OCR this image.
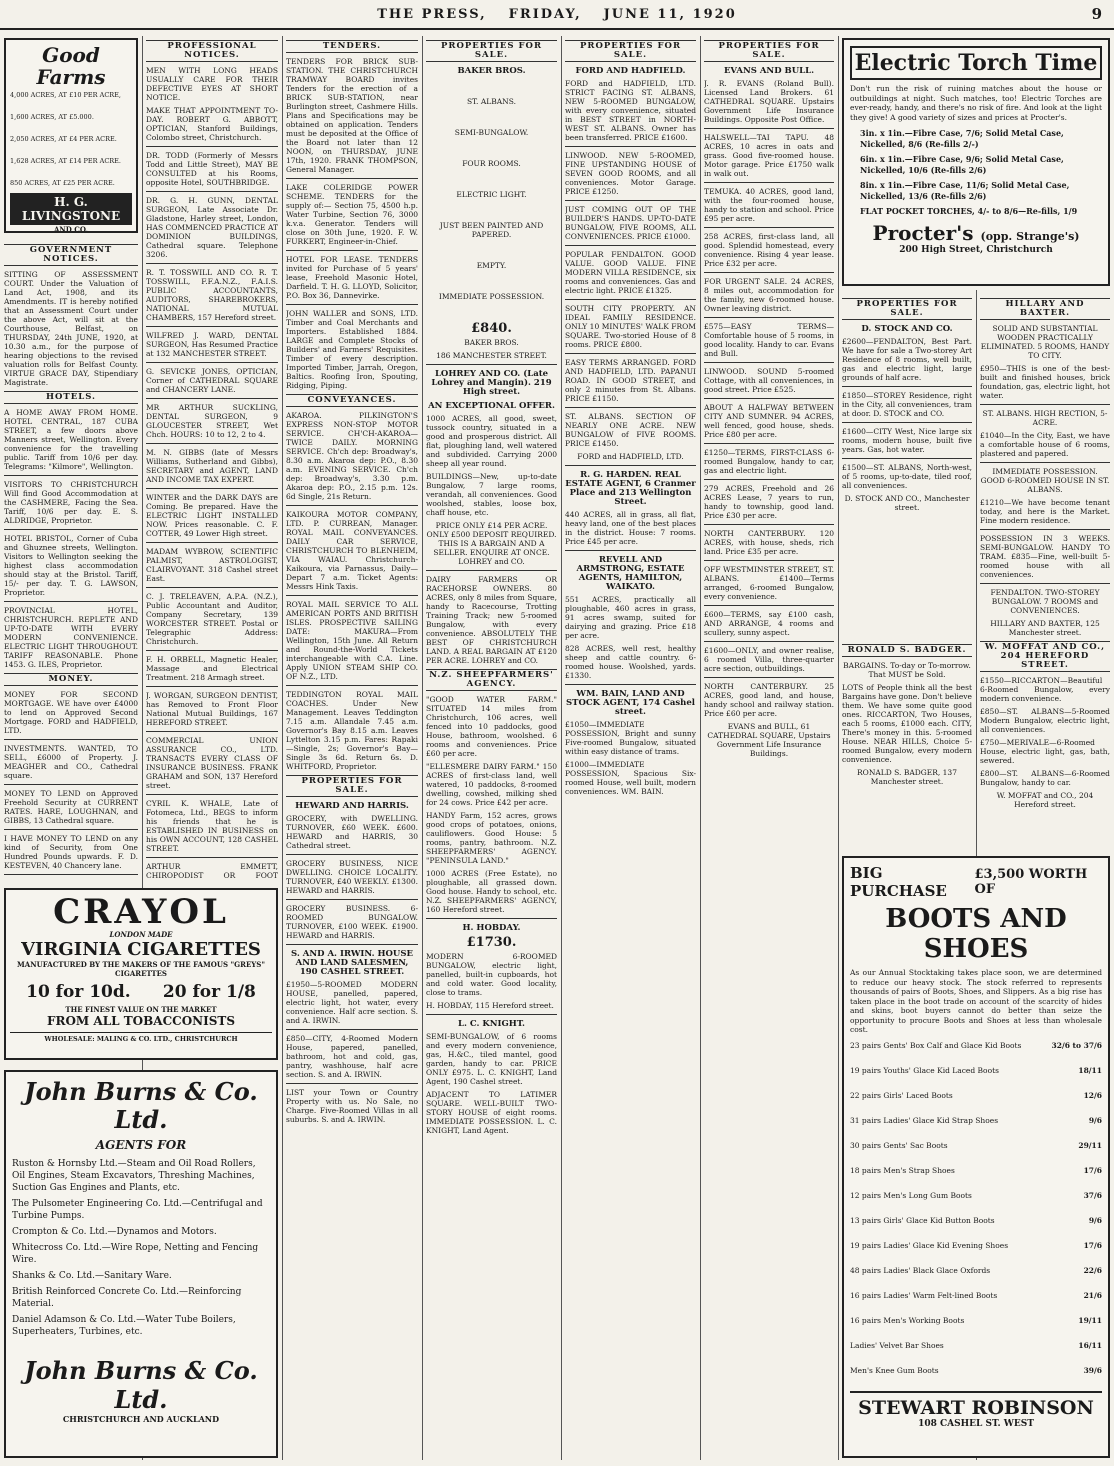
THE PRESS, FRIDAY, JUNE 11, 1920	9
Good Farms
4,000 ACRES, AT £10 PER ACRE,
1,600 ACRES, AT £5.000.
2,050 ACRES, AT £4 PER ACRE.
1,628 ACRES, AT £14 PER ACRE.
850 ACRES, AT £25 PER ACRE.
H. G. LIVINGSTONE
AND CO.
GOVERNMENT NOTICES.

SITTING OF ASSESSMENT COURT. Under the Valuation of Land Act, 1908, and its Amendments. IT is hereby notified that an Assessment Court under the above Act, will sit at the Courthouse, Belfast, on THURSDAY, 24th JUNE, 1920, at 10.30 a.m., for the purpose of hearing objections to the revised valuation rolls for Belfast County. VIRTUE GRACE DAY, Stipendiary Magistrate.

HOTELS.

A HOME AWAY FROM HOME. HOTEL CENTRAL, 187 CUBA STREET, a few doors above Manners street, Wellington. Every convenience for the travelling public. Tariff from 10/6 per day. Telegrams: "Kilmore", Wellington.

VISITORS TO CHRISTCHURCH Will find Good Accommodation at the CASHMERE, Facing the Sea. Tariff, 10/6 per day. E. S. ALDRIDGE, Proprietor.

HOTEL BRISTOL, Corner of Cuba and Ghuznee streets, Wellington. Visitors to Wellington seeking the highest class accommodation should stay at the Bristol. Tariff, 15/- per day. T. G. LAWSON, Proprietor.

PROVINCIAL HOTEL, CHRISTCHURCH. REPLETE AND UP-TO-DATE WITH EVERY MODERN CONVENIENCE. ELECTRIC LIGHT THROUGHOUT. TARIFF REASONABLE. Phone 1453. G. ILES, Proprietor.

MONEY.

MONEY FOR SECOND MORTGAGE. WE have over £4000 to lend on Approved Second Mortgage. FORD and HADFIELD, LTD.

INVESTMENTS. WANTED, TO SELL, £6000 of Property. J. MEAGHER and CO., Cathedral square.

MONEY TO LEND on Approved Freehold Security at CURRENT RATES. HARE, LOUGHNAN, and GIBBS, 13 Cathedral square.

I HAVE MONEY TO LEND on any kind of Security, from One Hundred Pounds upwards. F. D. KESTEVEN, 40 Chancery lane.

CRAYOL
LONDON MADE
VIRGINIA CIGARETTES
MANUFACTURED BY THE MAKERS OF THE FAMOUS "GREYS" CIGARETTES
10 for 10d. 20 for 1/8
THE FINEST VALUE ON THE MARKET
FROM ALL TOBACCONISTS
WHOLESALE: MALING & CO. LTD., CHRISTCHURCH
John Burns & Co. Ltd.
AGENTS FOR

Ruston & Hornsby Ltd.—Steam and Oil Road Rollers, Oil Engines, Steam Excavators, Threshing Machines, Suction Gas Engines and Plants, etc.

The Pulsometer Engineering Co. Ltd.—Centrifugal and Turbine Pumps.

Crompton & Co. Ltd.—Dynamos and Motors.

Whitecross Co. Ltd.—Wire Rope, Netting and Fencing Wire.

Shanks & Co. Ltd.—Sanitary Ware.

British Reinforced Concrete Co. Ltd.—Reinforcing Material.

Daniel Adamson & Co. Ltd.—Water Tube Boilers, Superheaters, Turbines, etc.

John Burns & Co. Ltd.
CHRISTCHURCH AND AUCKLAND
PROFESSIONAL NOTICES.

MEN WITH LONG HEADS USUALLY CARE FOR THEIR DEFECTIVE EYES AT SHORT NOTICE.

MAKE THAT APPOINTMENT TO-DAY. ROBERT G. ABBOTT, OPTICIAN, Stanford Buildings, Colombo street, Christchurch.

DR. TODD (Formerly of Messrs Todd and Little Street), MAY BE CONSULTED at his Rooms, opposite Hotel, SOUTHBRIDGE.

DR. G. H. GUNN, DENTAL SURGEON, Late Associate Dr. Gladstone, Harley street, London, HAS COMMENCED PRACTICE AT DOMINION BUILDINGS, Cathedral square. Telephone 3206.

R. T. TOSSWILL AND CO. R. T. TOSSWILL, F.F.A.N.Z., F.A.I.S. PUBLIC ACCOUNTANTS, AUDITORS, SHAREBROKERS, NATIONAL MUTUAL CHAMBERS, 157 Hereford street.

WILFRED J. WARD, DENTAL SURGEON, Has Resumed Practice at 132 MANCHESTER STREET.

G. SEVICKE JONES, OPTICIAN, Corner of CATHEDRAL SQUARE and CHANCERY LANE.

MR ARTHUR SUCKLING, DENTAL SURGEON, 9 GLOUCESTER STREET, Wet Chch. HOURS: 10 to 12, 2 to 4.

M. N. GIBBS (late of Messrs Williams, Sutherland and Gibbs), SECRETARY and AGENT, LAND AND INCOME TAX EXPERT.

WINTER and the DARK DAYS are Coming. Be prepared. Have the ELECTRIC LIGHT INSTALLED NOW. Prices reasonable. C. F. COTTER, 49 Lower High street.

MADAM WYBROW, SCIENTIFIC PALMIST, ASTROLOGIST, CLAIRVOYANT. 318 Cashel street East.

C. J. TRELEAVEN, A.P.A. (N.Z.), Public Accountant and Auditor, Company Secretary, 139 WORCESTER STREET. Postal or Telegraphic Address: Christchurch.

F. H. ORBELL, Magnetic Healer, Massage and Electrical Treatment. 218 Armagh street.

J. WORGAN, SURGEON DENTIST, has Removed to Front Floor National Mutual Buildings, 167 HEREFORD STREET.

COMMERCIAL UNION ASSURANCE CO., LTD. TRANSACTS EVERY CLASS OF INSURANCE BUSINESS. FRANK GRAHAM and SON, 137 Hereford street.

CYRIL K. WHALE, Late of Fotomeca, Ltd., BEGS to inform his friends that he is ESTABLISHED IN BUSINESS on his OWN ACCOUNT, 128 CASHEL STREET.

ARTHUR EMMETT, CHIROPODIST OR FOOT

TENDERS.

TENDERS FOR BRICK SUB-STATION. THE CHRISTCHURCH TRAMWAY BOARD invites Tenders for the erection of a BRICK SUB-STATION, near Burlington street, Cashmere Hills. Plans and Specifications may be obtained on application. Tenders must be deposited at the Office of the Board not later than 12 NOON, on THURSDAY, JUNE 17th, 1920. FRANK THOMPSON, General Manager.

LAKE COLERIDGE POWER SCHEME. TENDERS for the supply of:— Section 75, 4500 h.p. Water Turbine, Section 76, 3000 k.v.a. Generator. Tenders will close on 30th June, 1920. F. W. FURKERT, Engineer-in-Chief.

HOTEL FOR LEASE. TENDERS invited for Purchase of 5 years' lease, Freehold Masonic Hotel, Darfield. T. H. G. LLOYD, Solicitor, P.O. Box 36, Dannevirke.

JOHN WALLER and SONS, LTD. Timber and Coal Merchants and Importers. Established 1884. LARGE and Complete Stocks of Builders' and Farmers' Requisites. Timber of every description. Imported Timber, Jarrah, Oregon, Baltics. Roofing Iron, Spouting, Ridging, Piping.

CONVEYANCES.

AKAROA. PILKINGTON'S EXPRESS NON-STOP MOTOR SERVICE. CH'CH-AKAROA—TWICE DAILY. MORNING SERVICE. Ch'ch dep: Broadway's, 8.30 a.m. Akaroa dep: P.O., 8.30 a.m. EVENING SERVICE. Ch'ch dep: Broadway's, 3.30 p.m. Akaroa dep: P.O., 2.15 p.m. 12s. 6d Single, 21s Return.

KAIKOURA MOTOR COMPANY, LTD. P. CURREAN, Manager. ROYAL MAIL CONVEYANCES. DAILY CAR SERVICE, CHRISTCHURCH TO BLENHEIM, VIA WAIAU. Christchurch-Kaikoura, via Parnassus, Daily—Depart 7 a.m. Ticket Agents: Messrs Hink Taxis.

ROYAL MAIL SERVICE TO ALL AMERICAN PORTS AND BRITISH ISLES. PROSPECTIVE SAILING DATE: MAKURA—From Wellington, 15th June. All Return and Round-the-World Tickets interchangeable with C.A. Line. Apply UNION STEAM SHIP CO. OF N.Z., LTD.

TEDDINGTON ROYAL MAIL COACHES. Under New Management. Leaves Teddington 7.15 a.m. Allandale 7.45 a.m. Governor's Bay 8.15 a.m. Leaves Lyttelton 3.15 p.m. Fares: Rapaki—Single, 2s; Governor's Bay—Single 3s 6d. Return 6s. D. WHITFORD, Proprietor.

PROPERTIES FOR SALE.
HEWARD AND HARRIS.

GROCERY, with DWELLING. TURNOVER, £60 WEEK. £600. HEWARD and HARRIS, 30 Cathedral street.

GROCERY BUSINESS, NICE DWELLING. CHOICE LOCALITY. TURNOVER, £40 WEEKLY. £1300. HEWARD and HARRIS.

GROCERY BUSINESS. 6-ROOMED BUNGALOW. TURNOVER, £100 WEEK. £1900. HEWARD and HARRIS.

S. AND A. IRWIN. HOUSE AND LAND SALESMEN, 190 CASHEL STREET.

£1950—5-ROOMED MODERN HOUSE, panelled, papered, electric light, hot water, every convenience. Half acre section. S. and A. IRWIN.

£850—CITY, 4-Roomed Modern House, papered, panelled, bathroom, hot and cold, gas, pantry, washhouse, half acre section. S. and A. IRWIN.

LIST your Town or Country Property with us. No Sale, no Charge. Five-Roomed Villas in all suburbs. S. and A. IRWIN.

PROPERTIES FOR SALE.
BAKER BROS.
ST. ALBANS.
SEMI-BUNGALOW.
FOUR ROOMS.
ELECTRIC LIGHT.
JUST BEEN PAINTED AND PAPERED.
EMPTY.
IMMEDIATE POSSESSION.
£840.
BAKER BROS.
186 MANCHESTER STREET.
LOHREY AND CO. (Late Lohrey and Mangin). 219 High street.
AN EXCEPTIONAL OFFER.

1000 ACRES, all good, sweet, tussock country, situated in a good and prosperous district. All flat, ploughing land, well watered and subdivided. Carrying 2000 sheep all year round.

BUILDINGS—New, up-to-date Bungalow, 7 large rooms, verandah, all conveniences. Good woolshed, stables, loose box, chaff house, etc.

PRICE ONLY £14 PER ACRE. ONLY £500 DEPOSIT REQUIRED. THIS IS A BARGAIN AND A SELLER. ENQUIRE AT ONCE. LOHREY and CO.

DAIRY FARMERS OR RACEHORSE OWNERS. 80 ACRES, only 8 miles from Square, handy to Racecourse, Trotting Training Track; new 5-roomed Bungalow, with every convenience. ABSOLUTELY THE BEST OF CHRISTCHURCH LAND. A REAL BARGAIN AT £120 PER ACRE. LOHREY and CO.

N.Z. SHEEPFARMERS' AGENCY.

"GOOD WATER FARM." SITUATED 14 miles from Christchurch, 106 acres, well fenced into 10 paddocks, good House, bathroom, woolshed. 6 rooms and conveniences. Price £60 per acre.

"ELLESMERE DAIRY FARM." 150 ACRES of first-class land, well watered, 10 paddocks, 8-roomed dwelling, cowshed, milking shed for 24 cows. Price £42 per acre.

HANDY Farm, 152 acres, grows good crops of potatoes, onions, cauliflowers. Good House: 5 rooms, pantry, bathroom. N.Z. SHEEPFARMERS' AGENCY. "PENINSULA LAND."

1000 ACRES (Free Estate), no ploughable, all grassed down. Good house. Handy to school, etc. N.Z. SHEEPFARMERS' AGENCY, 160 Hereford street.

H. HOBDAY.
£1730.

MODERN 6-ROOMED BUNGALOW, electric light, panelled, built-in cupboards, hot and cold water. Good locality, close to trams.

H. HOBDAY, 115 Hereford street.

L. C. KNIGHT.

SEMI-BUNGALOW, of 6 rooms and every modern convenience, gas, H.&C., tiled mantel, good garden, handy to car. PRICE ONLY £975. L. C. KNIGHT, Land Agent, 190 Cashel street.

ADJACENT TO LATIMER SQUARE. WELL-BUILT TWO-STORY HOUSE of eight rooms. IMMEDIATE POSSESSION. L. C. KNIGHT, Land Agent.

PROPERTIES FOR SALE.
FORD AND HADFIELD.

FORD and HADFIELD, LTD. STRICT FACING ST. ALBANS, NEW 5-ROOMED BUNGALOW, with every convenience, situated in BEST STREET in NORTH-WEST ST. ALBANS. Owner has been transferred. PRICE £1600.

LINWOOD. NEW 5-ROOMED, FINE UPSTANDING HOUSE of SEVEN GOOD ROOMS, and all conveniences. Motor Garage. PRICE £1250.

JUST COMING OUT OF THE BUILDER'S HANDS. UP-TO-DATE BUNGALOW, FIVE ROOMS, ALL CONVENIENCES. PRICE £1000.

POPULAR FENDALTON. GOOD VALUE. GOOD VALUE. FINE MODERN VILLA RESIDENCE, six rooms and conveniences. Gas and electric light. PRICE £1325.

SOUTH CITY PROPERTY. AN IDEAL FAMILY RESIDENCE. ONLY 10 MINUTES' WALK FROM SQUARE. Two-storied House of 8 rooms. PRICE £800.

EASY TERMS ARRANGED. FORD AND HADFIELD, LTD. PAPANUI ROAD. IN GOOD STREET, and only 2 minutes from St. Albans. PRICE £1150.

ST. ALBANS. SECTION OF NEARLY ONE ACRE. NEW BUNGALOW of FIVE ROOMS. PRICE £1450.

FORD and HADFIELD, LTD.

R. G. HARDEN. REAL ESTATE AGENT, 6 Cranmer Place and 213 Wellington Street.

440 ACRES, all in grass, all flat, heavy land, one of the best places in the district. House: 7 rooms. Price £45 per acre.

REVELL AND ARMSTRONG, ESTATE AGENTS, HAMILTON, WAIKATO.

551 ACRES, practically all ploughable, 460 acres in grass, 91 acres swamp, suited for dairying and grazing. Price £18 per acre.

828 ACRES, well rest, healthy sheep and cattle country. 6-roomed house. Woolshed, yards. £1330.

WM. BAIN, LAND AND STOCK AGENT, 174 Cashel street.

£1050—IMMEDIATE POSSESSION, Bright and sunny Five-roomed Bungalow, situated within easy distance of trams.

£1000—IMMEDIATE POSSESSION, Spacious Six-roomed House, well built, modern conveniences. WM. BAIN.

PROPERTIES FOR SALE.
EVANS AND BULL.

J. R. EVANS (Roland Bull). Licensed Land Brokers. 61 CATHEDRAL SQUARE. Upstairs Government Life Insurance Buildings. Opposite Post Office.

HALSWELL—TAI TAPU. 48 ACRES, 10 acres in oats and grass. Good five-roomed house. Motor garage. Price £1750 walk in walk out.

TEMUKA. 40 ACRES, good land, with the four-roomed house, handy to station and school. Price £95 per acre.

258 ACRES, first-class land, all good. Splendid homestead, every convenience. Rising 4 year lease. Price £32 per acre.

FOR URGENT SALE. 24 ACRES, 8 miles out, accommodation for the family, new 6-roomed house. Owner leaving district.

£575—EASY TERMS—Comfortable house of 5 rooms, in good locality. Handy to car. Evans and Bull.

LINWOOD. SOUND 5-roomed Cottage, with all conveniences, in good street. Price £525.

ABOUT A HALFWAY BETWEEN CITY AND SUMNER. 94 ACRES, well fenced, good house, sheds. Price £80 per acre.

£1250—TERMS, FIRST-CLASS 6-roomed Bungalow, handy to car, gas and electric light.

279 ACRES, Freehold and 26 ACRES Lease, 7 years to run, handy to township, good land. Price £30 per acre.

NORTH CANTERBURY. 120 ACRES, with house, sheds, rich land. Price £35 per acre.

OFF WESTMINSTER STREET, ST. ALBANS. £1400—Terms arranged, 6-roomed Bungalow, every convenience.

£600—TERMS, say £100 cash, AND ARRANGE, 4 rooms and scullery, sunny aspect.

£1600—ONLY, and owner realise, 6 roomed Villa, three-quarter acre section, outbuildings.

NORTH CANTERBURY. 25 ACRES, good land, and house, handy school and railway station. Price £60 per acre.

EVANS and BULL, 61 CATHEDRAL SQUARE, Upstairs Government Life Insurance Buildings.

Electric Torch Time

Don't run the risk of ruining matches about the house or outbuildings at night. Such matches, too! Electric Torches are ever-ready, handy, and there's no risk of fire. And look at the light they give! A good variety of sizes and prices at Procter's.

3in. x 1in.—Fibre Case, 7/6; Solid Metal Case, Nickelled, 8/6 (Re-fills 2/-)
6in. x 1in.—Fibre Case, 9/6; Solid Metal Case, Nickelled, 10/6 (Re-fills 2/6)
8in. x 1in.—Fibre Case, 11/6; Solid Metal Case, Nickelled, 13/6 (Re-fills 2/6)
FLAT POCKET TORCHES, 4/- to 8/6—Re-fills, 1/9
Procter's (opp. Strange's)
200 High Street, Christchurch
PROPERTIES FOR SALE.
D. STOCK AND CO.

£2600—FENDALTON, Best Part. We have for sale a Two-storey Art Residence of 8 rooms, well built, gas and electric light, large grounds of half acre.

£1850—STOREY Residence, right in the City, all conveniences, tram at door. D. STOCK and CO.

£1600—CITY West, Nice large six rooms, modern house, built five years. Gas, hot water.

£1500—ST. ALBANS, North-west, of 5 rooms, up-to-date, tiled roof, all conveniences.

D. STOCK AND CO., Manchester street.

RONALD S. BADGER.

BARGAINS. To-day or To-morrow. That MUST be Sold.

LOTS of People think all the best Bargains have gone. Don't believe them. We have some quite good ones. RICCARTON, Two Houses, each 5 rooms, £1000 each. CITY, There's money in this. 5-roomed House. NEAR HILLS, Choice 5-roomed Bungalow, every modern convenience.

RONALD S. BADGER, 137 Manchester street.

HILLARY AND BAXTER.

SOLID AND SUBSTANTIAL WOODEN PRACTICALLY ELIMINATED. 5 ROOMS, HANDY TO CITY.

£950—THIS is one of the best-built and finished houses, brick foundation, gas, electric light, hot water.

ST. ALBANS. HIGH RECTION, 5-ACRE.

£1040—In the City, East, we have a comfortable house of 6 rooms, plastered and papered.

IMMEDIATE POSSESSION. GOOD 6-ROOMED HOUSE IN ST. ALBANS.

£1210—We have become tenant today, and here is the Market. Fine modern residence.

POSSESSION IN 3 WEEKS. SEMI-BUNGALOW. HANDY TO TRAM. £835—Fine, well-built 5-roomed house with all conveniences.

FENDALTON. TWO-STOREY BUNGALOW. 7 ROOMS and CONVENIENCES.

HILLARY AND BAXTER, 125 Manchester street.

W. MOFFAT AND CO., 204 HEREFORD STREET.

£1550—RICCARTON—Beautiful 6-Roomed Bungalow, every modern convenience.

£850—ST. ALBANS—5-Roomed Modern Bungalow, electric light, all conveniences.

£750—MERIVALE—6-Roomed House, electric light, gas, bath, sewered.

£800—ST. ALBANS—6-Roomed Bungalow, handy to car.

W. MOFFAT and CO., 204 Hereford street.

BIG PURCHASE
£3,500 WORTH OF
BOOTS AND SHOES

As our Annual Stocktaking takes place soon, we are determined to reduce our heavy stock. The stock referred to represents thousands of pairs of Boots, Shoes, and Slippers. As a big rise has taken place in the boot trade on account of the scarcity of hides and skins, boot buyers cannot do better than seize the opportunity to procure Boots and Shoes at less than wholesale cost.

23 pairs Gents' Box Calf and Glace Kid Boots	32/6 to 37/6
19 pairs Youths' Glace Kid Laced Boots	18/11
22 pairs Girls' Laced Boots	12/6
31 pairs Ladies' Glace Kid Strap Shoes	9/6
30 pairs Gents' Sac Boots	29/11
18 pairs Men's Strap Shoes	17/6
12 pairs Men's Long Gum Boots	37/6
13 pairs Girls' Glace Kid Button Boots	9/6
19 pairs Ladies' Glace Kid Evening Shoes	17/6
48 pairs Ladies' Black Glace Oxfords	22/6
16 pairs Ladies' Warm Felt-lined Boots	21/6
16 pairs Men's Working Boots	19/11
Ladies' Velvet Bar Shoes	16/11
Men's Knee Gum Boots	39/6
STEWART ROBINSON
108 CASHEL ST. WEST
